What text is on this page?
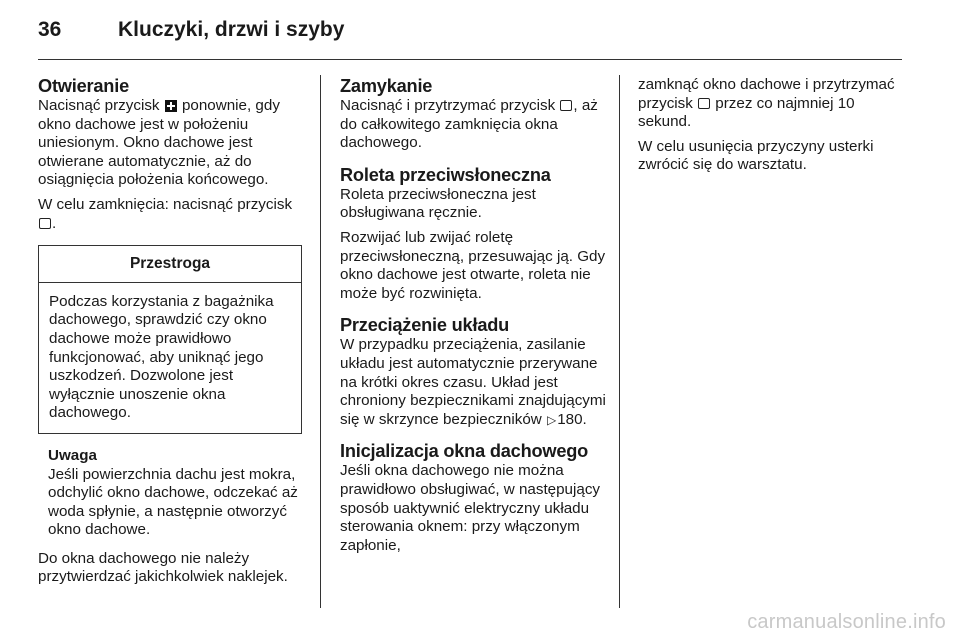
36	Kluczyki, drzwi i szyby
Otwieranie

Nacisnąć przycisk  ponownie, gdy okno dachowe jest w położeniu uniesionym. Okno dachowe jest otwierane automatycznie, aż do osiągnięcia położenia końcowego.

W celu zamknięcia: nacisnąć przycisk .

Przestroga
Podczas korzystania z bagażnika dachowego, sprawdzić czy okno dachowe może prawidłowo funkcjonować, aby uniknąć jego uszkodzeń. Dozwolone jest wyłącznie unoszenie okna dachowego.
Uwaga
Jeśli powierzchnia dachu jest mokra, odchylić okno dachowe, odczekać aż woda spłynie, a następnie otworzyć okno dachowe.

Do okna dachowego nie należy przytwierdzać jakichkolwiek naklejek.

Zamykanie

Nacisnąć i przytrzymać przycisk , aż do całkowitego zamknięcia okna dachowego.

Roleta przeciwsłoneczna

Roleta przeciwsłoneczna jest obsługiwana ręcznie.

Rozwijać lub zwijać roletę przeciwsłoneczną, przesuwając ją. Gdy okno dachowe jest otwarte, roleta nie może być rozwinięta.

Przeciążenie układu

W przypadku przeciążenia, zasilanie układu jest automatycznie przerywane na krótki okres czasu. Układ jest chroniony bezpiecznikami znajdującymi się w skrzynce bezpieczników ▷180.

Inicjalizacja okna dachowego

Jeśli okna dachowego nie można prawidłowo obsługiwać, w następujący sposób uaktywnić elektryczny układu sterowania oknem: przy włączonym zapłonie,

zamknąć okno dachowe i przytrzymać przycisk  przez co najmniej 10 sekund.

W celu usunięcia przyczyny usterki zwrócić się do warsztatu.

carmanualsonline.info
